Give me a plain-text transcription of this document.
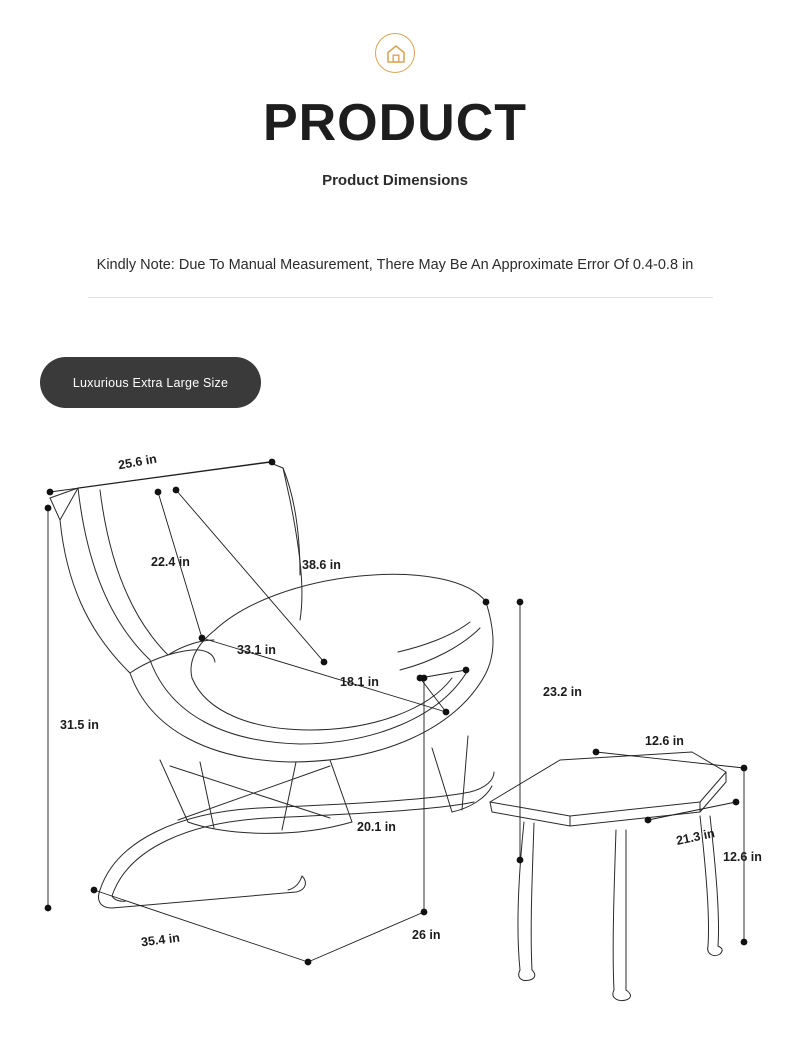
PRODUCT
Product Dimensions
Kindly Note: Due To Manual Measurement, There May Be An Approximate Error Of 0.4-0.8 in
Luxurious Extra Large Size
25.6 in
22.4 in	38.6 in
33.1 in
18.1 in
31.5 in
23.2 in
20.1 in
35.4 in	26 in
12.6 in
21.3 in
12.6 in
